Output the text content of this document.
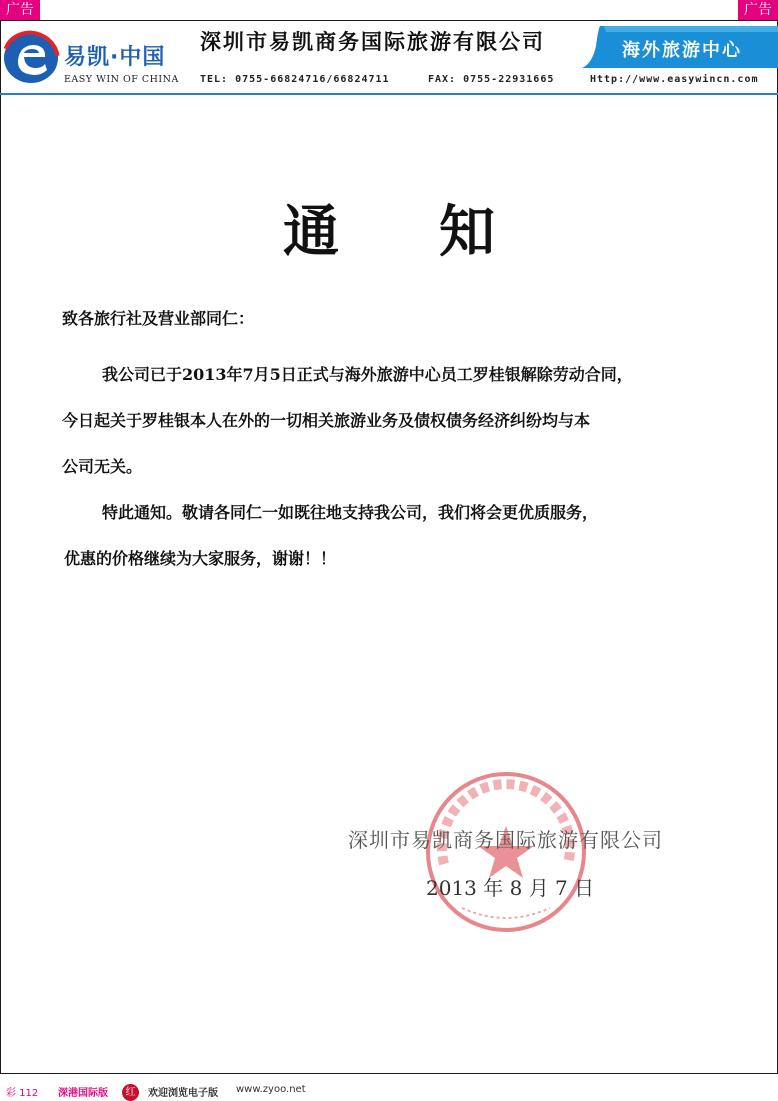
广告	广告
易凯·中国
EASY WIN OF CHINA
深圳市易凯商务国际旅游有限公司	海外旅游中心
TEL: 0755-66824716/66824711	FAX: 0755-22931665	Http://www.easywincn.com
通 知
致各旅行社及营业部同仁：
我公司已于2013年7月5日正式与海外旅游中心员工罗桂银解除劳动合同，
今日起关于罗桂银本人在外的一切相关旅游业务及债权债务经济纠纷均与本
公司无关。
特此通知。敬请各同仁一如既往地支持我公司，我们将会更优质服务，
优惠的价格继续为大家服务，谢谢！！
深圳市易凯商务国际旅游有限公司
2013 年 8 月 7 日
彩 112 深港国际版	红	欢迎浏览电子版 www.zyoo.net
